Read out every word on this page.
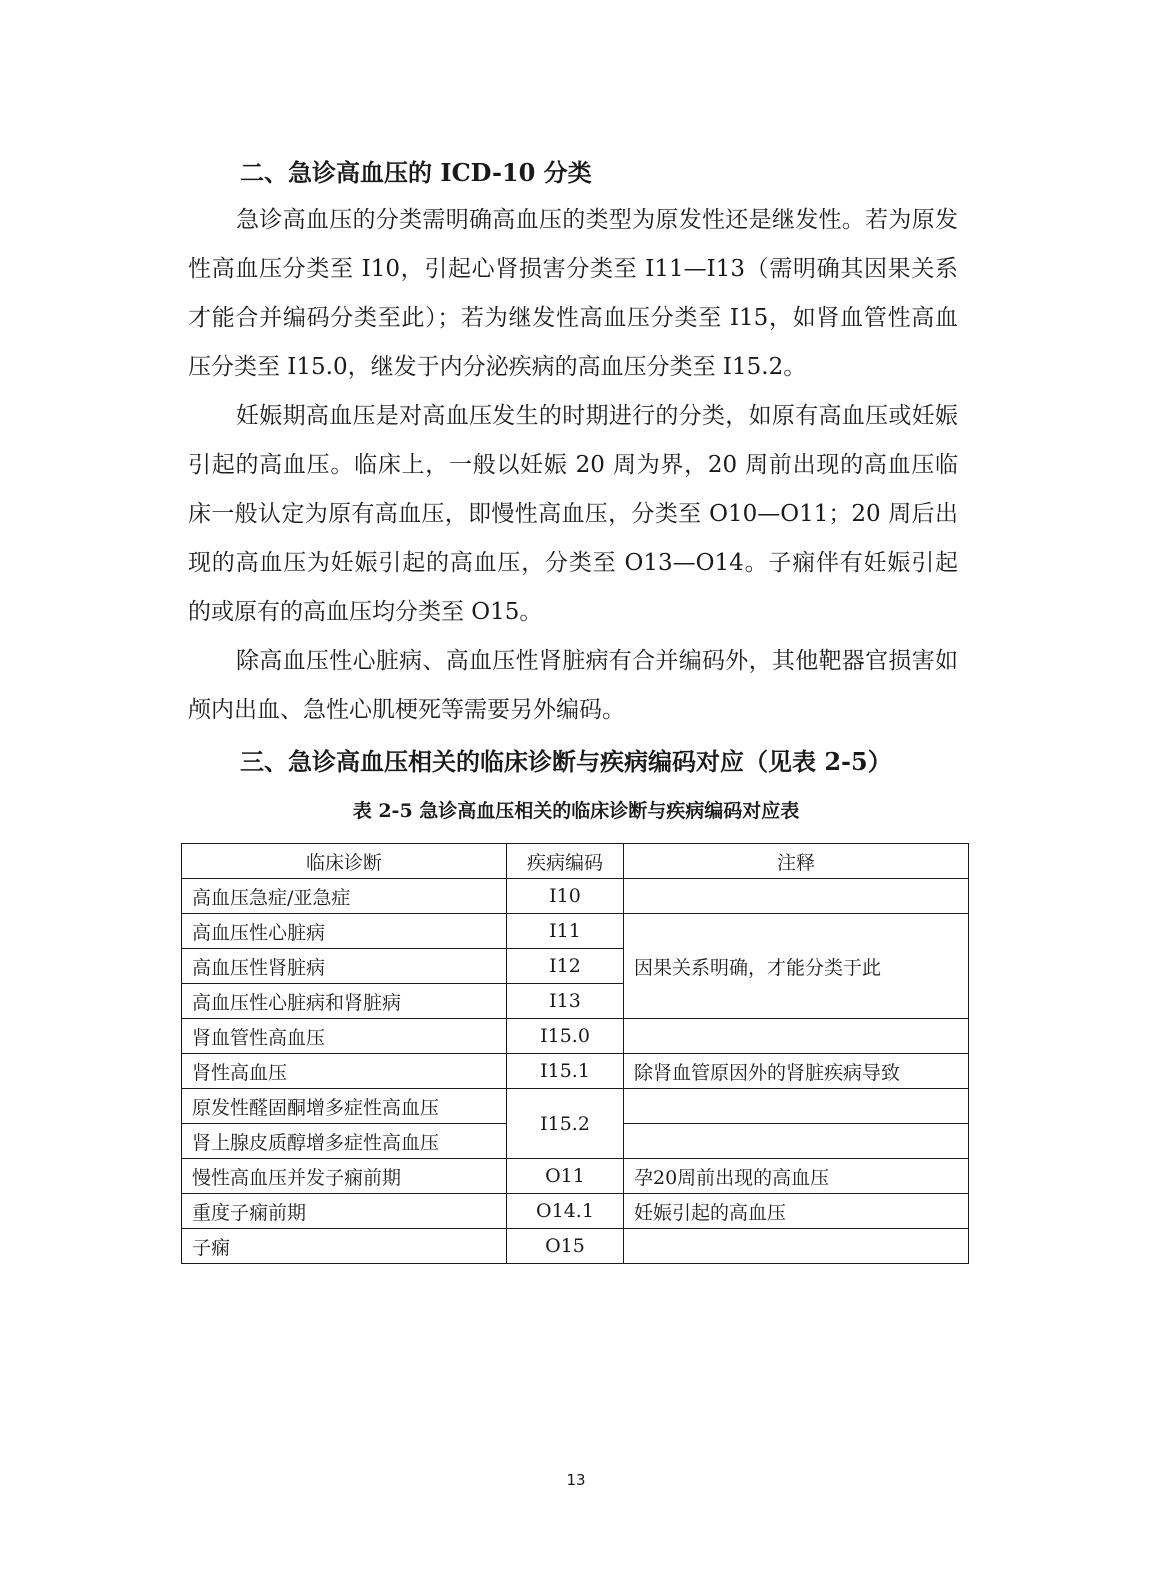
二、急诊高血压的 ICD-10 分类

急诊高血压的分类需明确高血压的类型为原发性还是继发性。若为原发性高血压分类至 I10，引起心肾损害分类至 I11—I13（需明确其因果关系才能合并编码分类至此）；若为继发性高血压分类至 I15，如肾血管性高血压分类至 I15.0，继发于内分泌疾病的高血压分类至 I15.2。

妊娠期高血压是对高血压发生的时期进行的分类，如原有高血压或妊娠引起的高血压。临床上，一般以妊娠 20 周为界，20 周前出现的高血压临床一般认定为原有高血压，即慢性高血压，分类至 O10—O11；20 周后出现的高血压为妊娠引起的高血压，分类至 O13—O14。子痫伴有妊娠引起的或原有的高血压均分类至 O15。

除高血压性心脏病、高血压性肾脏病有合并编码外，其他靶器官损害如颅内出血、急性心肌梗死等需要另外编码。

三、急诊高血压相关的临床诊断与疾病编码对应（见表 2-5）
表 2-5 急诊高血压相关的临床诊断与疾病编码对应表
临床诊断	疾病编码	注释
高血压急症/亚急症	I10	
高血压性心脏病	I11	因果关系明确，才能分类于此
高血压性肾脏病	I12	
高血压性心脏病和肾脏病	I13	
肾血管性高血压	I15.0	
肾性高血压	I15.1	除肾血管原因外的肾脏疾病导致
原发性醛固酮增多症性高血压	I15.2	
肾上腺皮质醇增多症性高血压		
慢性高血压并发子痫前期	O11	孕20周前出现的高血压
重度子痫前期	O14.1	妊娠引起的高血压
子痫	O15	
13
